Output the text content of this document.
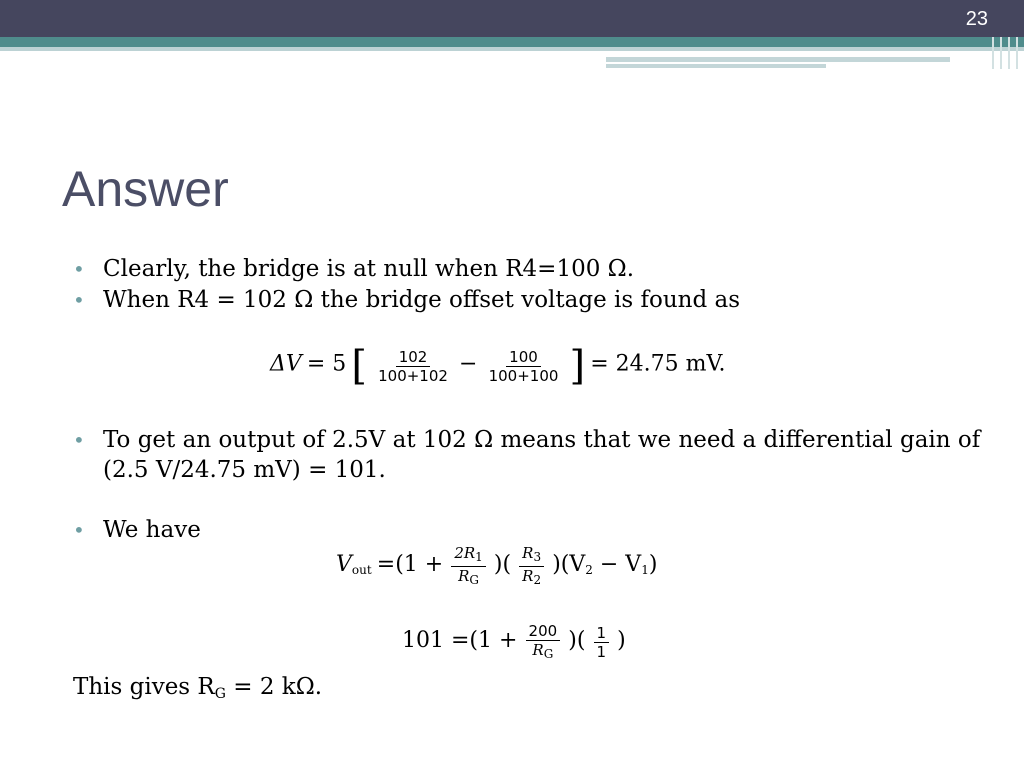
23
Answer
• Clearly, the bridge is at null when R4=100 Ω.
• When R4 = 102 Ω the bridge offset voltage is found as
ΔV = 5 [ $\frac{102}{100+102} - \frac{100}{100+100}$ ] = 24.75 mV.
• To get an output of 2.5V at 102 Ω means that we need a differential gain of (2.5 V/24.75 mV) = 101.
• We have
$V_{out} =(1 + \frac{2R_1}{R_G}$ )( $\frac{R_3}{R_2} )(V_2 - V_1)$
$101 =(1 + \frac{200}{R_G}$ )( $\frac{1}{1}$ )
This gives $R_G = 2$ kΩ.
